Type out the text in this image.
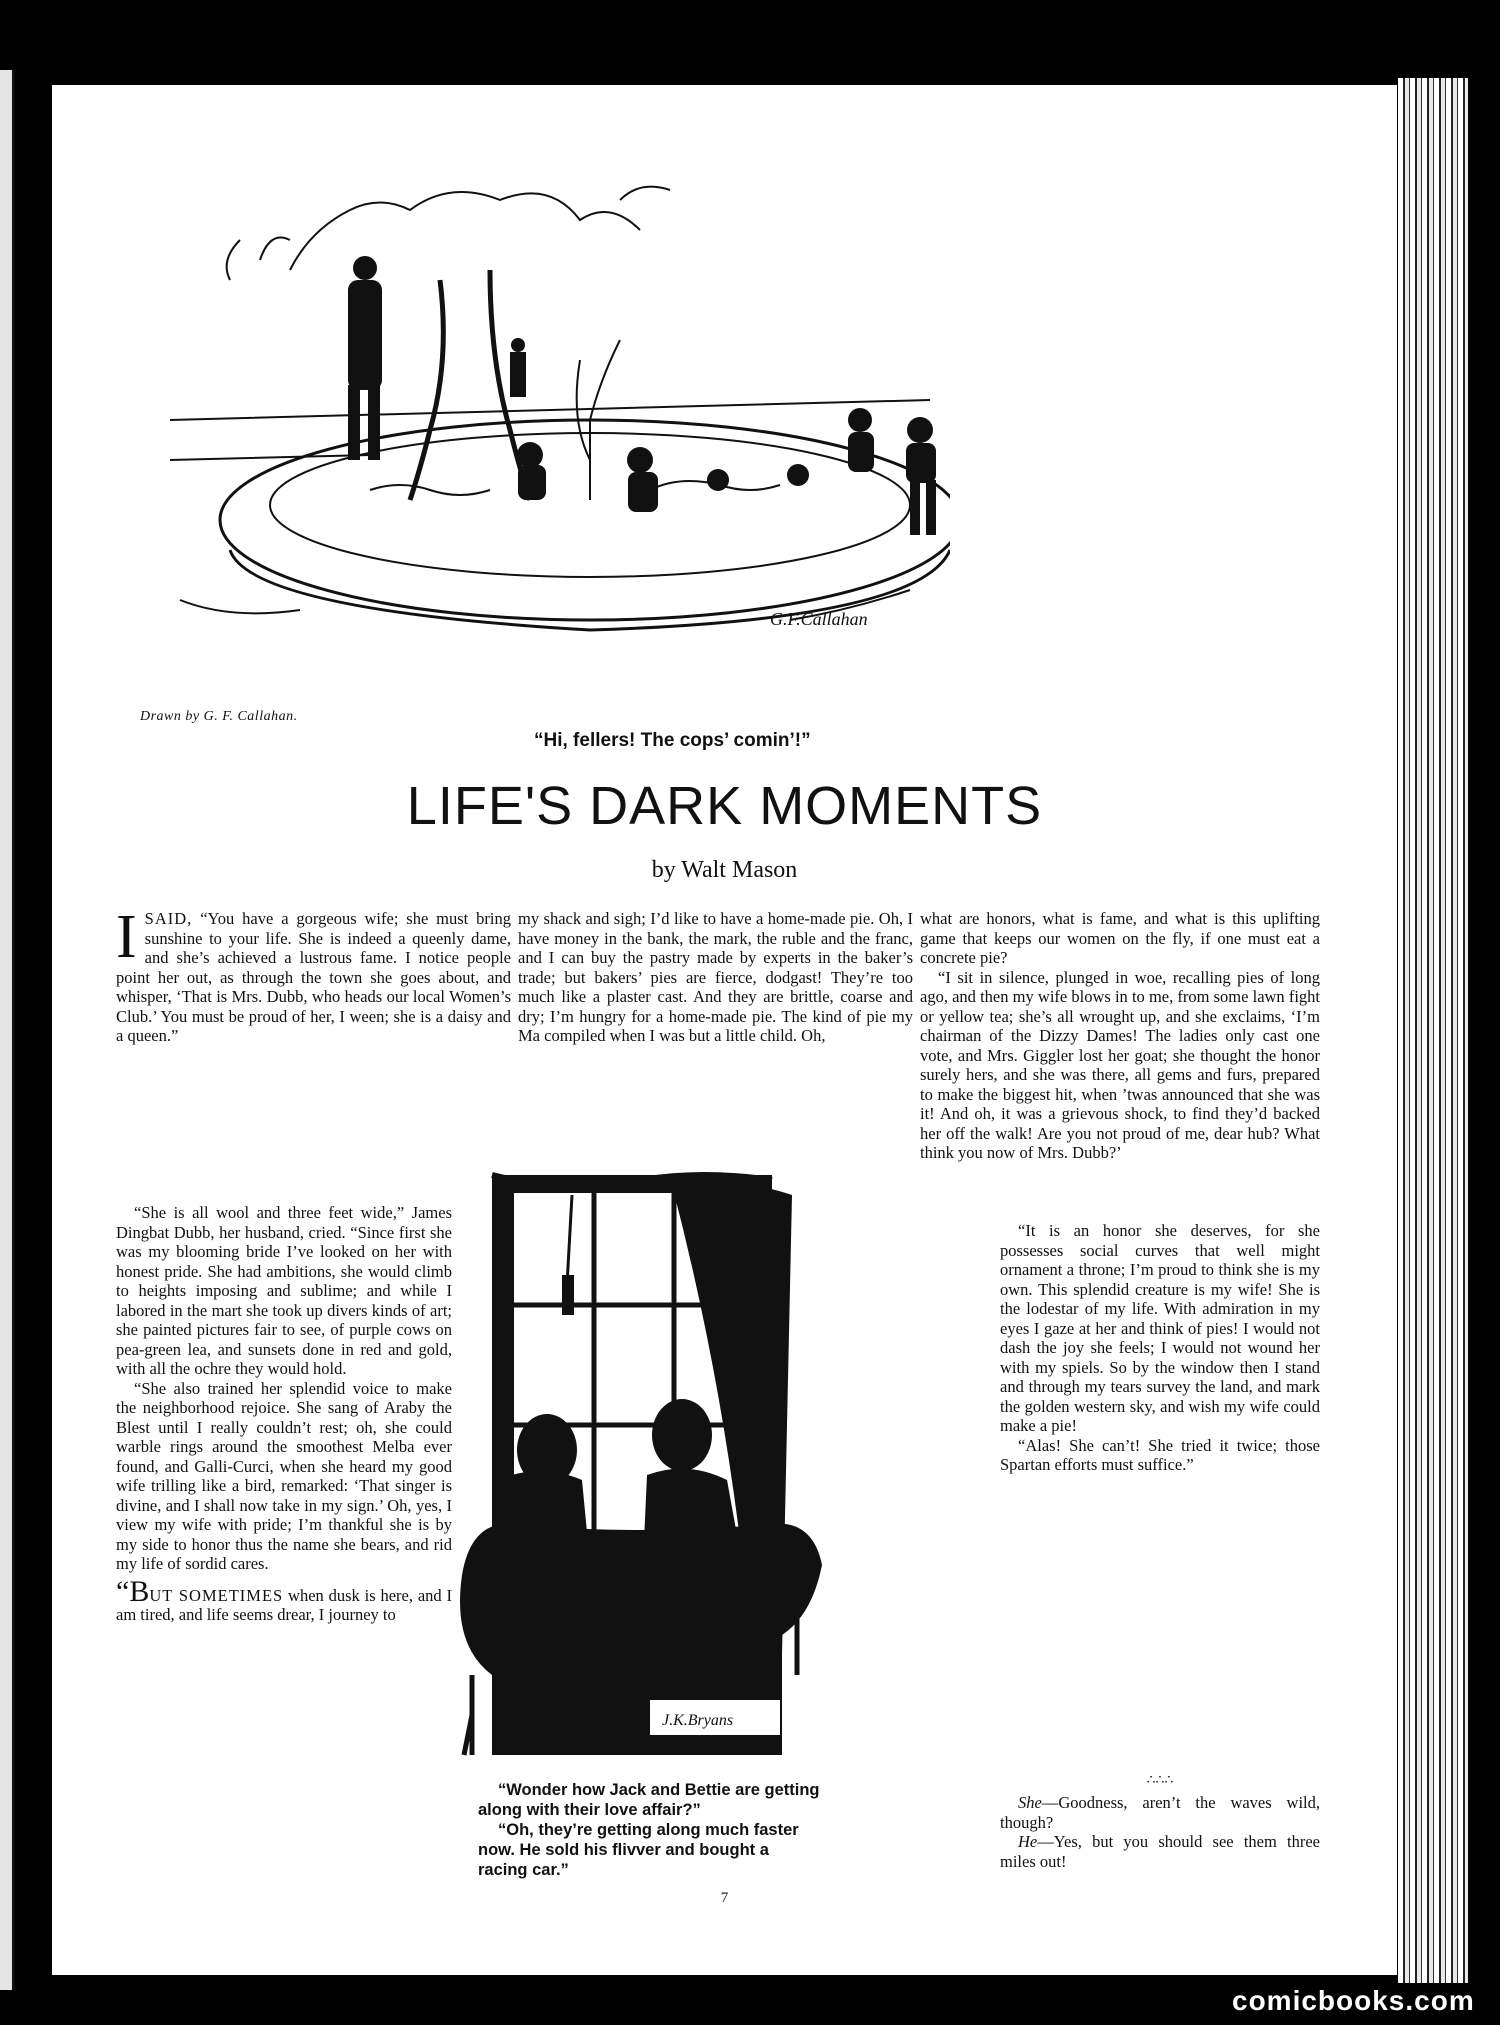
G.F.Callahan
Drawn by G. F. Callahan.
“Hi, fellers! The cops’ comin’!”
LIFE'S DARK MOMENTS
by Walt Mason

ISAID, “You have a gorgeous wife; she must bring sunshine to your life. She is indeed a queenly dame, and she’s achieved a lustrous fame. I notice people point her out, as through the town she goes about, and whisper, ‘That is Mrs. Dubb, who heads our local Women’s Club.’ You must be proud of her, I ween; she is a daisy and a queen.”

my shack and sigh; I’d like to have a home-made pie. Oh, I have money in the bank, the mark, the ruble and the franc, and I can buy the pastry made by experts in the baker’s trade; but bakers’ pies are fierce, dodgast! They’re too much like a plaster cast. And they are brittle, coarse and dry; I’m hungry for a home-made pie. The kind of pie my Ma compiled when I was but a little child. Oh,

“She is all wool and three feet wide,” James Dingbat Dubb, her husband, cried. “Since first she was my blooming bride I’ve looked on her with honest pride. She had ambitions, she would climb to heights imposing and sublime; and while I labored in the mart she took up divers kinds of art; she painted pictures fair to see, of purple cows on pea-green lea, and sunsets done in red and gold, with all the ochre they would hold.

“She also trained her splendid voice to make the neighborhood rejoice. She sang of Araby the Blest until I really couldn’t rest; oh, she could warble rings around the smoothest Melba ever found, and Galli-Curci, when she heard my good wife trilling like a bird, remarked: ‘That singer is divine, and I shall now take in my sign.’ Oh, yes, I view my wife with pride; I’m thankful she is by my side to honor thus the name she bears, and rid my life of sordid cares.

“BUT SOMETIMES when dusk is here, and I am tired, and life seems drear, I journey to

J.K.Bryans
“Wonder how Jack and Bettie are getting along with their love affair?”
“Oh, they’re getting along much faster now. He sold his flivver and bought a racing car.”

what are honors, what is fame, and what is this uplifting game that keeps our women on the fly, if one must eat a concrete pie?

“I sit in silence, plunged in woe, recalling pies of long ago, and then my wife blows in to me, from some lawn fight or yellow tea; she’s all wrought up, and she exclaims, ‘I’m chairman of the Dizzy Dames! The ladies only cast one vote, and Mrs. Giggler lost her goat; she thought the honor surely hers, and she was there, all gems and furs, prepared to make the biggest hit, when ’twas announced that she was it! And oh, it was a grievous shock, to find they’d backed her off the walk! Are you not proud of me, dear hub? What think you now of Mrs. Dubb?’

“It is an honor she deserves, for she possesses social curves that well might ornament a throne; I’m proud to think she is my own. This splendid creature is my wife! She is the lodestar of my life. With admiration in my eyes I gaze at her and think of pies! I would not dash the joy she feels; I would not wound her with my spiels. So by the window then I stand and through my tears survey the land, and mark the golden western sky, and wish my wife could make a pie!

“Alas! She can’t! She tried it twice; those Spartan efforts must suffice.”

∴∴∴

She—Goodness, aren’t the waves wild, though?

He—Yes, but you should see them three miles out!

7
comicbooks.com
